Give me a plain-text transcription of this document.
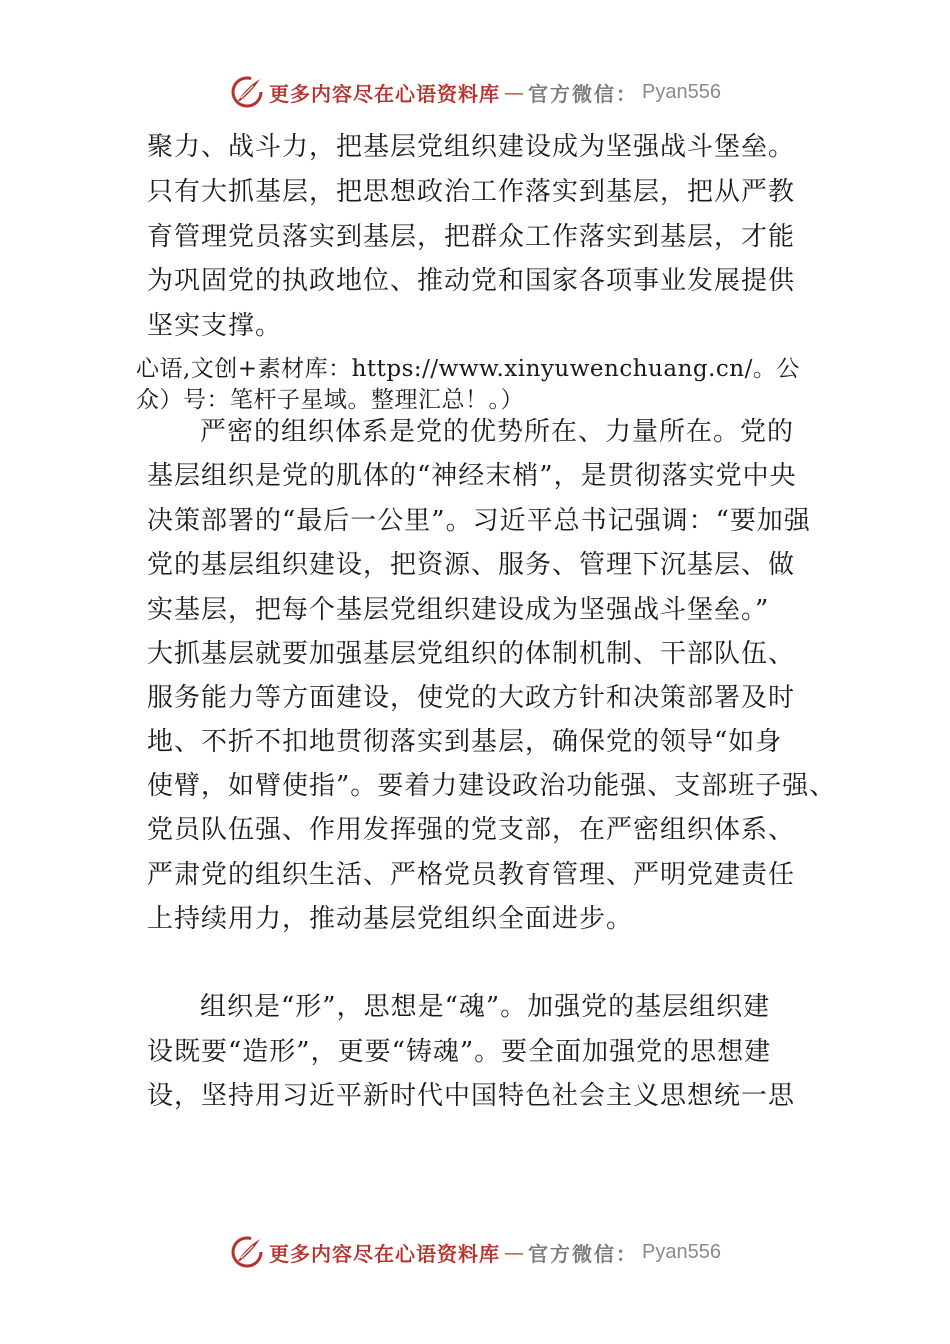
更多内容尽在心语资料库 — 官方微信： Pyan556
聚力、战斗力，把基层党组织建设成为坚强战斗堡垒。
只有大抓基层，把思想政治工作落实到基层，把从严教
育管理党员落实到基层，把群众工作落实到基层，才能
为巩固党的执政地位、推动党和国家各项事业发展提供
坚实支撑。
心语,文创+素材库：https://www.xinyuwenchuang.cn/。公
众）号：笔杆子星域。整理汇总！。）
严密的组织体系是党的优势所在、力量所在。党的
基层组织是党的肌体的“神经末梢”，是贯彻落实党中央
决策部署的“最后一公里”。习近平总书记强调：“要加强
党的基层组织建设，把资源、服务、管理下沉基层、做
实基层，把每个基层党组织建设成为坚强战斗堡垒。”
大抓基层就要加强基层党组织的体制机制、干部队伍、
服务能力等方面建设，使党的大政方针和决策部署及时
地、不折不扣地贯彻落实到基层，确保党的领导“如身
使臂，如臂使指”。要着力建设政治功能强、支部班子强、
党员队伍强、作用发挥强的党支部，在严密组织体系、
严肃党的组织生活、严格党员教育管理、严明党建责任
上持续用力，推动基层党组织全面进步。
组织是“形”，思想是“魂”。加强党的基层组织建
设既要“造形”，更要“铸魂”。要全面加强党的思想建
设，坚持用习近平新时代中国特色社会主义思想统一思
更多内容尽在心语资料库 — 官方微信： Pyan556
